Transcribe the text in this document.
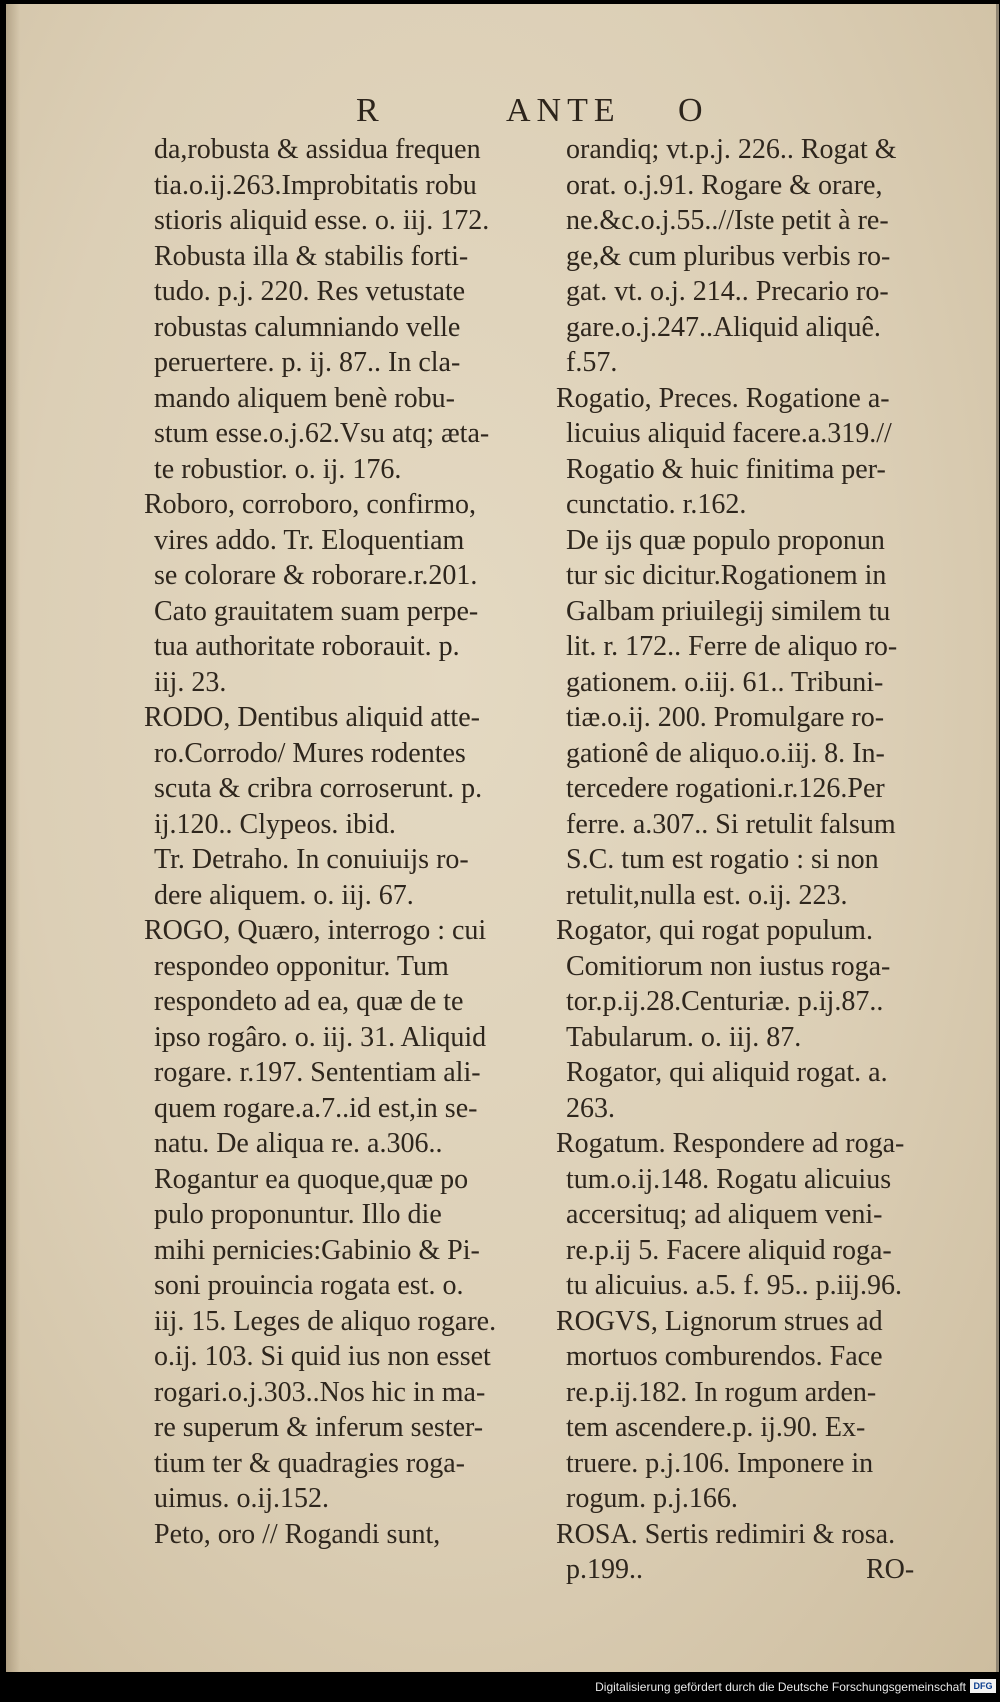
R	ANTE O
da,robusta & assidua frequen
tia.o.ij.263.Improbitatis robu
stioris aliquid esse. o. iij. 172.
Robusta illa & stabilis forti-
tudo. p.j. 220. Res vetustate
robustas calumniando velle
peruertere. p. ij. 87.. In cla-
mando aliquem benè robu-
stum esse.o.j.62.Vsu atq; æta-
te robustior. o. ij. 176.
Roboro, corroboro, confirmo,
vires addo. Tr. Eloquentiam
se colorare & roborare.r.201.
Cato grauitatem suam perpe-
tua authoritate roborauit. p.
iij. 23.
RODO, Dentibus aliquid atte-
ro.Corrodo/ Mures rodentes
scuta & cribra corroserunt. p.
ij.120.. Clypeos. ibid.
Tr. Detraho. In conuiuijs ro-
dere aliquem. o. iij. 67.
ROGO, Quæro, interrogo : cui
respondeo opponitur. Tum
respondeto ad ea, quæ de te
ipso rogâro. o. iij. 31. Aliquid
rogare. r.197. Sententiam ali-
quem rogare.a.7..id est,in se-
natu. De aliqua re. a.306..
Rogantur ea quoque,quæ po
pulo proponuntur. Illo die
mihi pernicies:Gabinio & Pi-
soni prouincia rogata est. o.
iij. 15. Leges de aliquo rogare.
o.ij. 103. Si quid ius non esset
rogari.o.j.303..Nos hic in ma-
re superum & inferum sester-
tium ter & quadragies roga-
uimus. o.ij.152.
Peto, oro // Rogandi sunt,
orandiq; vt.p.j. 226.. Rogat &
orat. o.j.91. Rogare & orare,
ne.&c.o.j.55..//Iste petit à re-
ge,& cum pluribus verbis ro-
gat. vt. o.j. 214.. Precario ro-
gare.o.j.247..Aliquid aliquê.
f.57.
Rogatio, Preces. Rogatione a-
licuius aliquid facere.a.319.//
Rogatio & huic finitima per-
cunctatio. r.162.
De ijs quæ populo proponun
tur sic dicitur.Rogationem in
Galbam priuilegij similem tu
lit. r. 172.. Ferre de aliquo ro-
gationem. o.iij. 61.. Tribuni-
tiæ.o.ij. 200. Promulgare ro-
gationê de aliquo.o.iij. 8. In-
tercedere rogationi.r.126.Per
ferre. a.307.. Si retulit falsum
S.C. tum est rogatio : si non
retulit,nulla est. o.ij. 223.
Rogator, qui rogat populum.
Comitiorum non iustus roga-
tor.p.ij.28.Centuriæ. p.ij.87..
Tabularum. o. iij. 87.
Rogator, qui aliquid rogat. a.
263.
Rogatum. Respondere ad roga-
tum.o.ij.148. Rogatu alicuius
accersituq; ad aliquem veni-
re.p.ij 5. Facere aliquid roga-
tu alicuius. a.5. f. 95.. p.iij.96.
ROGVS, Lignorum strues ad
mortuos comburendos. Face
re.p.ij.182. In rogum arden-
tem ascendere.p. ij.90. Ex-
truere. p.j.106. Imponere in
rogum. p.j.166.
ROSA. Sertis redimiri & rosa.
p.199..	RO-
Digitalisierung gefördert durch die Deutsche Forschungsgemeinschaft DFG
